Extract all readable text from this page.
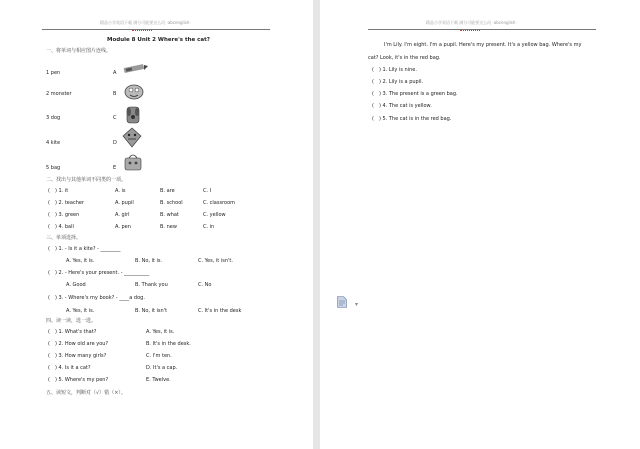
精品小学英语下载 满分可能要这么问 ·abcenglish·
Module 8 Unit 2 Where's the cat?
一、将单词与相应图片连线。
1 pen	A
2 monster	B
3 dog	C
4 kite	D
5 bag	E
二、找出与其他单词不同类的一项。
(　) 1. it	A. is	B. are	C. I
(　) 2. teacher	A. pupil	B. school	C. classroom
(　) 3. green	A. girl	B. what	C. yellow
(　) 4. ball	A. pen	B. new	C. in
三、单项选择。
(　) 1. - Is it a kite? - ________
A. Yes, it is.	B. No, it is.	C. Yes, it isn't.
(　) 2. - Here's your present. - __________
A. Good	B. Thank you	C. No
(　) 3. - Where's my book? - ____a dog.
A. Yes, it is.	B. No, it isn't	C. It's in the desk
四、读一读，选一选。
(　) 1. What's that?	A. Yes, it is.
(　) 2. How old are you?	B. It's in the desk.
(　) 3. How many girls?	C. I'm ten.
(　) 4. Is it a cat?	D. It's a cap.
(　) 5. Where's my pen?	E. Twelve.
五、读短文，判断对（√）错（×）。
精品小学英语下载 满分可能要这么问 ·abcenglish·
I'm Lily. I'm eight. I'm a pupil. Here's my present. It's a yellow bag. Where's my
cat? Look, it's in the red bag.
(　) 1. Lily is nine.
(　) 2. Lily is a pupil.
(　) 3. The present is a green bag.
(　) 4. The cat is yellow.
(　) 5. The cat is in the red bag.
▾
